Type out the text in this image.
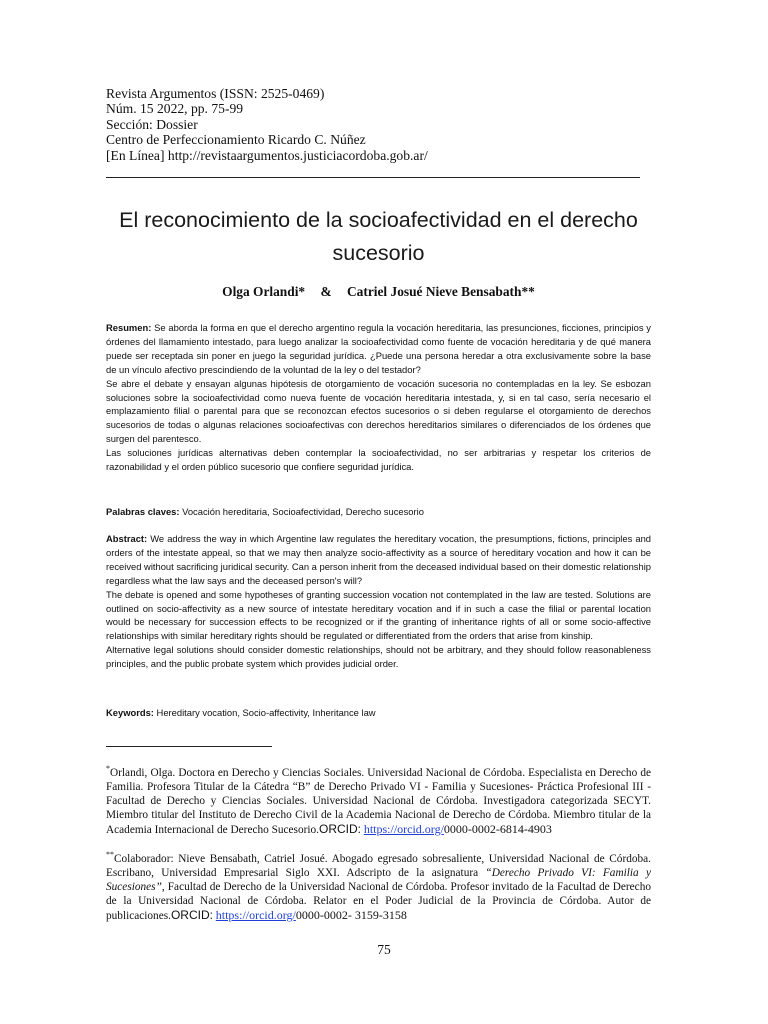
Revista Argumentos (ISSN: 2525-0469)
Núm. 15 2022, pp. 75-99
Sección: Dossier
Centro de Perfeccionamiento Ricardo C. Núñez
[En Línea] http://revistaargumentos.justiciacordoba.gob.ar/
El reconocimiento de la socioafectividad en el derecho sucesorio
Olga Orlandi* & Catriel Josué Nieve Bensabath**

Resumen: Se aborda la forma en que el derecho argentino regula la vocación hereditaria, las presunciones, ficciones, principios y órdenes del llamamiento intestado, para luego analizar la socioafectividad como fuente de vocación hereditaria y de qué manera puede ser receptada sin poner en juego la seguridad jurídica. ¿Puede una persona heredar a otra exclusivamente sobre la base de un vínculo afectivo prescindiendo de la voluntad de la ley o del testador?

Se abre el debate y ensayan algunas hipótesis de otorgamiento de vocación sucesoria no contempladas en la ley. Se esbozan soluciones sobre la socioafectividad como nueva fuente de vocación hereditaria intestada, y, si en tal caso, sería necesario el emplazamiento filial o parental para que se reconozcan efectos sucesorios o si deben regularse el otorgamiento de derechos sucesorios de todas o algunas relaciones socioafectivas con derechos hereditarios similares o diferenciados de los órdenes que surgen del parentesco.

Las soluciones jurídicas alternativas deben contemplar la socioafectividad, no ser arbitrarias y respetar los criterios de razonabilidad y el orden público sucesorio que confiere seguridad jurídica.

Palabras claves: Vocación hereditaria, Socioafectividad, Derecho sucesorio

Abstract: We address the way in which Argentine law regulates the hereditary vocation, the presumptions, fictions, principles and orders of the intestate appeal, so that we may then analyze socio-affectivity as a source of hereditary vocation and how it can be received without sacrificing juridical security. Can a person inherit from the deceased individual based on their domestic relationship regardless what the law says and the deceased person's will?

The debate is opened and some hypotheses of granting succession vocation not contemplated in the law are tested. Solutions are outlined on socio-affectivity as a new source of intestate hereditary vocation and if in such a case the filial or parental location would be necessary for succession effects to be recognized or if the granting of inheritance rights of all or some socio-affective relationships with similar hereditary rights should be regulated or differentiated from the orders that arise from kinship.

Alternative legal solutions should consider domestic relationships, should not be arbitrary, and they should follow reasonableness principles, and the public probate system which provides judicial order.

Keywords: Hereditary vocation, Socio-affectivity, Inheritance law

*Orlandi, Olga. Doctora en Derecho y Ciencias Sociales. Universidad Nacional de Córdoba. Especialista en Derecho de Familia. Profesora Titular de la Cátedra “B” de Derecho Privado VI - Familia y Sucesiones- Práctica Profesional III - Facultad de Derecho y Ciencias Sociales. Universidad Nacional de Córdoba. Investigadora categorizada SECYT. Miembro titular del Instituto de Derecho Civil de la Academia Nacional de Derecho de Córdoba. Miembro titular de la Academia Internacional de Derecho Sucesorio.ORCID: https://orcid.org/0000-0002-6814-4903
**Colaborador: Nieve Bensabath, Catriel Josué. Abogado egresado sobresaliente, Universidad Nacional de Córdoba. Escribano, Universidad Empresarial Siglo XXI. Adscripto de la asignatura “Derecho Privado VI: Familia y Sucesiones”, Facultad de Derecho de la Universidad Nacional de Córdoba. Profesor invitado de la Facultad de Derecho de la Universidad Nacional de Córdoba. Relator en el Poder Judicial de la Provincia de Córdoba. Autor de publicaciones.ORCID: https://orcid.org/0000-0002- 3159-3158
75
